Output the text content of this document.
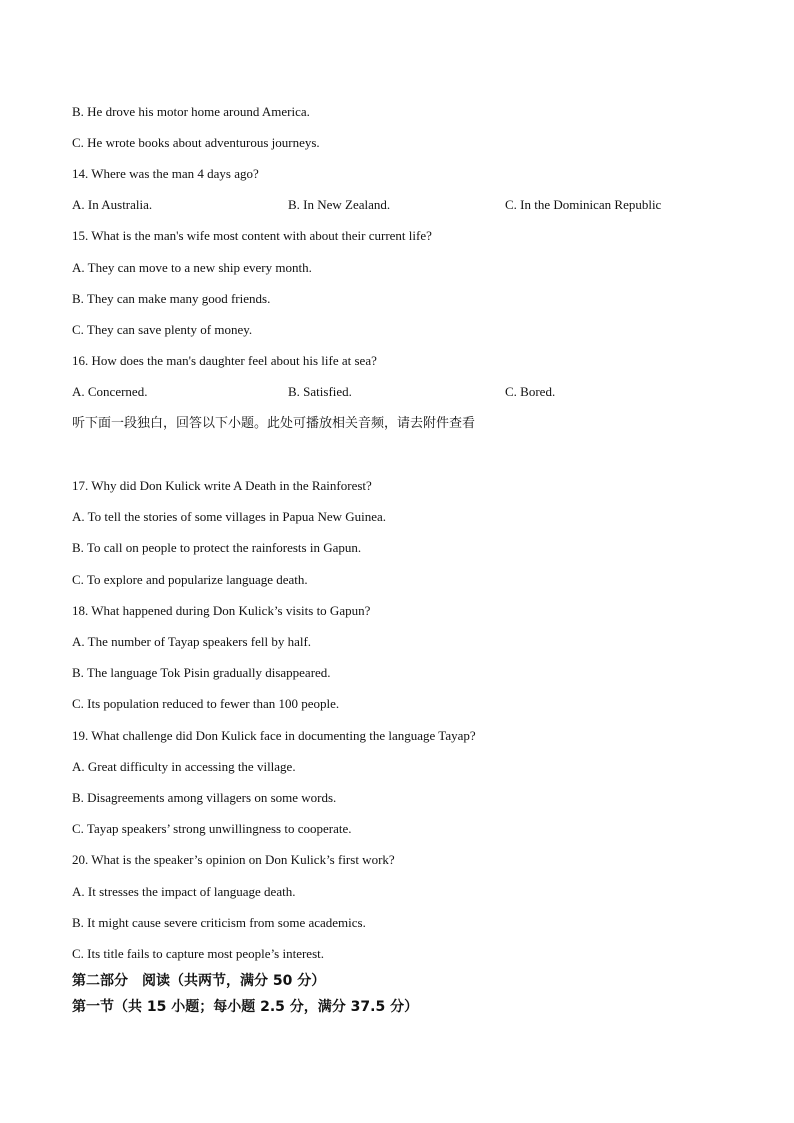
B. He drove his motor home around America.
C. He wrote books about adventurous journeys.
14. Where was the man 4 days ago?
A. In Australia.	B. In New Zealand.	C. In the Dominican Republic
15. What is the man's wife most content with about their current life?
A. They can move to a new ship every month.
B. They can make many good friends.
C. They can save plenty of money.
16. How does the man's daughter feel about his life at sea?
A. Concerned.	B. Satisfied.	C. Bored.
听下面一段独白，回答以下小题。此处可播放相关音频，请去附件查看
17. Why did Don Kulick write A Death in the Rainforest?
A. To tell the stories of some villages in Papua New Guinea.
B. To call on people to protect the rainforests in Gapun.
C. To explore and popularize language death.
18. What happened during Don Kulick’s visits to Gapun?
A. The number of Tayap speakers fell by half.
B. The language Tok Pisin gradually disappeared.
C. Its population reduced to fewer than 100 people.
19. What challenge did Don Kulick face in documenting the language Tayap?
A. Great difficulty in accessing the village.
B. Disagreements among villagers on some words.
C. Tayap speakers’ strong unwillingness to cooperate.
20. What is the speaker’s opinion on Don Kulick’s first work?
A. It stresses the impact of language death.
B. It might cause severe criticism from some academics.
C. Its title fails to capture most people’s interest.
第二部分　阅读（共两节，满分 50 分）
第一节（共 15 小题；每小题 2.5 分，满分 37.5 分）
